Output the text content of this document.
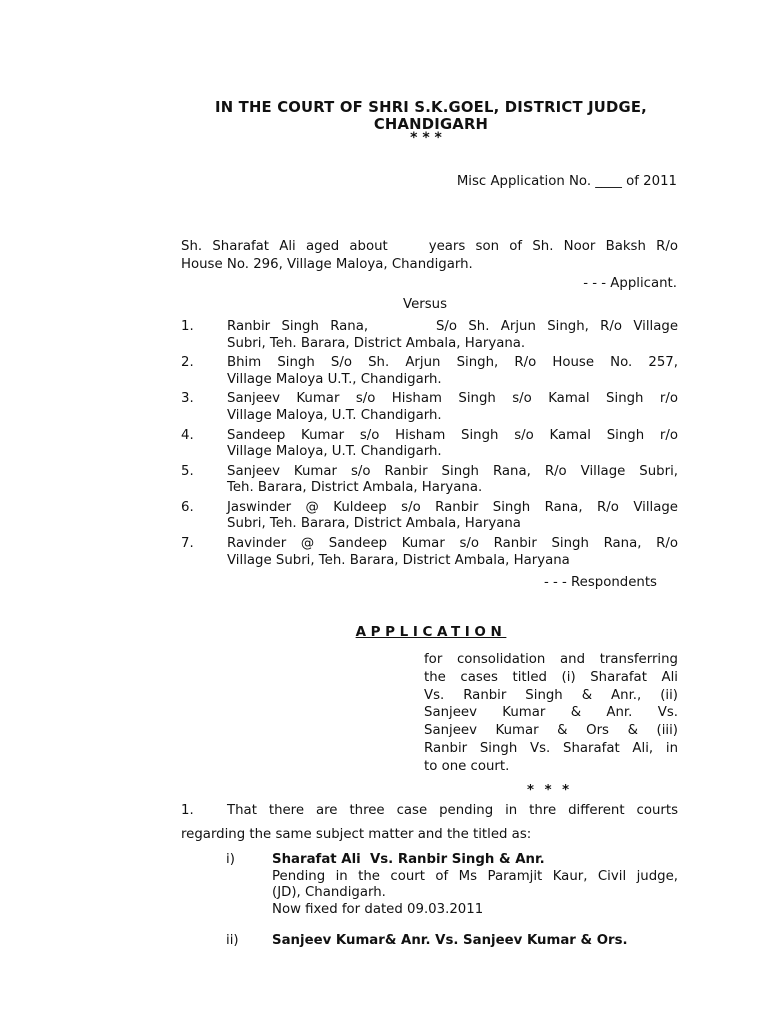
IN THE COURT OF SHRI S.K.GOEL, DISTRICT JUDGE,
CHANDIGARH

* * *

Misc Application No. ____ of 2011
Sh. Sharafat Ali aged about    years son of Sh. Noor Baksh R/o
House No. 296, Village Maloya, Chandigarh.
- - - Applicant.
Versus
1.	Ranbir Singh Rana,      S/o Sh. Arjun Singh, R/o Village
Subri, Teh. Barara, District Ambala, Haryana.
2.	Bhim Singh S/o Sh. Arjun Singh, R/o House No. 257,
Village Maloya U.T., Chandigarh.
3.	Sanjeev Kumar s/o Hisham Singh s/o Kamal Singh r/o
Village Maloya, U.T. Chandigarh.
4.	Sandeep Kumar s/o Hisham Singh s/o Kamal Singh r/o
Village Maloya, U.T. Chandigarh.
5.	Sanjeev Kumar s/o Ranbir Singh Rana, R/o Village Subri,
Teh. Barara, District Ambala, Haryana.
6.	Jaswinder @ Kuldeep s/o Ranbir Singh Rana, R/o Village
Subri, Teh. Barara, District Ambala, Haryana
7.	Ravinder @ Sandeep Kumar s/o Ranbir Singh Rana, R/o
Village Subri, Teh. Barara, District Ambala, Haryana
- - - Respondents
APPLICATION
for consolidation and transferring
the cases titled (i) Sharafat Ali
Vs. Ranbir Singh & Anr., (ii)
Sanjeev Kumar & Anr. Vs.
Sanjeev Kumar & Ors & (iii)
Ranbir Singh Vs. Sharafat Ali, in
to one court.
* * *
1.	That there are three case pending in thre different courts
regarding the same subject matter and the titled as:
i)	Sharafat Ali  Vs. Ranbir Singh & Anr.
Pending in the court of Ms Paramjit Kaur, Civil judge,
(JD), Chandigarh.
Now fixed for dated 09.03.2011
ii)	Sanjeev Kumar& Anr. Vs. Sanjeev Kumar & Ors.
